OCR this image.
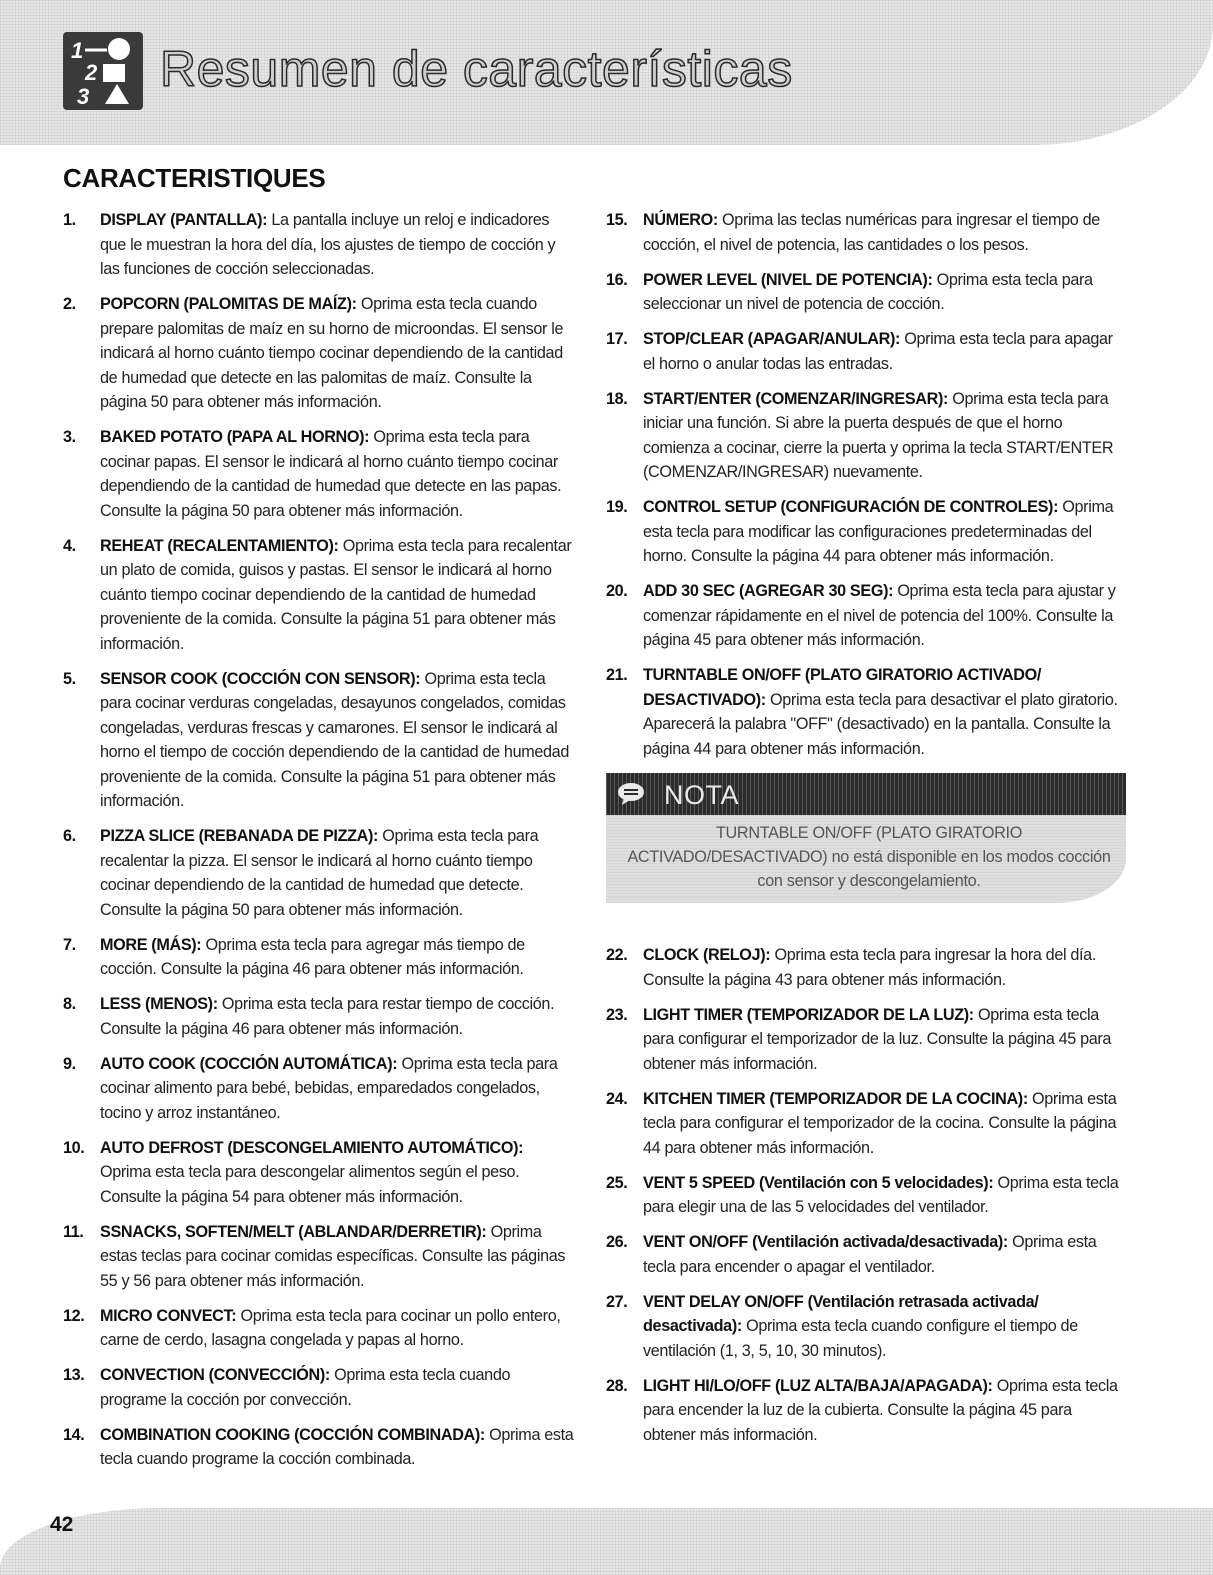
1
2
3 Resumen de características
CARACTERISTIQUES
1. DISPLAY (PANTALLA): La pantalla incluye un reloj e indicadores que le muestran la hora del día, los ajustes de tiempo de cocción y las funciones de cocción seleccionadas.
2. POPCORN (PALOMITAS DE MAÍZ): Oprima esta tecla cuando prepare palomitas de maíz en su horno de microondas. El sensor le indicará al horno cuánto tiempo cocinar dependiendo de la cantidad de humedad que detecte en las palomitas de maíz. Consulte la página 50 para obtener más información.
3. BAKED POTATO (PAPA AL HORNO): Oprima esta tecla para cocinar papas. El sensor le indicará al horno cuánto tiempo cocinar dependiendo de la cantidad de humedad que detecte en las papas. Consulte la página 50 para obtener más información.
4. REHEAT (RECALENTAMIENTO): Oprima esta tecla para recalentar un plato de comida, guisos y pastas. El sensor le indicará al horno cuánto tiempo cocinar dependiendo de la cantidad de humedad proveniente de la comida. Consulte la página 51 para obtener más información.
5. SENSOR COOK (COCCIÓN CON SENSOR): Oprima esta tecla para cocinar verduras congeladas, desayunos congelados, comidas congeladas, verduras frescas y camarones. El sensor le indicará al horno el tiempo de cocción dependiendo de la cantidad de humedad proveniente de la comida. Consulte la página 51 para obtener más información.
6. PIZZA SLICE (REBANADA DE PIZZA): Oprima esta tecla para recalentar la pizza. El sensor le indicará al horno cuánto tiempo cocinar dependiendo de la cantidad de humedad que detecte. Consulte la página 50 para obtener más información.
7. MORE (MÁS): Oprima esta tecla para agregar más tiempo de cocción. Consulte la página 46 para obtener más información.
8. LESS (MENOS): Oprima esta tecla para restar tiempo de cocción. Consulte la página 46 para obtener más información.
9. AUTO COOK (COCCIÓN AUTOMÁTICA): Oprima esta tecla para cocinar alimento para bebé, bebidas, emparedados congelados, tocino y arroz instantáneo.
10. AUTO DEFROST (DESCONGELAMIENTO AUTOMÁTICO): Oprima esta tecla para descongelar alimentos según el peso. Consulte la página 54 para obtener más información.
11. SSNACKS, SOFTEN/MELT (ABLANDAR/DERRETIR): Oprima estas teclas para cocinar comidas específicas. Consulte las páginas 55 y 56 para obtener más información.
12. MICRO CONVECT: Oprima esta tecla para cocinar un pollo entero, carne de cerdo, lasagna congelada y papas al horno.
13. CONVECTION (CONVECCIÓN): Oprima esta tecla cuando programe la cocción por convección.
14. COMBINATION COOKING (COCCIÓN COMBINADA): Oprima esta tecla cuando programe la cocción combinada.
15. NÚMERO: Oprima las teclas numéricas para ingresar el tiempo de cocción, el nivel de potencia, las cantidades o los pesos.
16. POWER LEVEL (NIVEL DE POTENCIA): Oprima esta tecla para seleccionar un nivel de potencia de cocción.
17. STOP/CLEAR (APAGAR/ANULAR): Oprima esta tecla para apagar el horno o anular todas las entradas.
18. START/ENTER (COMENZAR/INGRESAR): Oprima esta tecla para iniciar una función. Si abre la puerta después de que el horno comienza a cocinar, cierre la puerta y oprima la tecla START/ENTER (COMENZAR/INGRESAR) nuevamente.
19. CONTROL SETUP (CONFIGURACIÓN DE CONTROLES): Oprima esta tecla para modificar las configuraciones predeterminadas del horno. Consulte la página 44 para obtener más información.
20. ADD 30 SEC (AGREGAR 30 SEG): Oprima esta tecla para ajustar y comenzar rápidamente en el nivel de potencia del 100%. Consulte la página 45 para obtener más información.
21. TURNTABLE ON/OFF (PLATO GIRATORIO ACTIVADO/ DESACTIVADO): Oprima esta tecla para desactivar el plato giratorio. Aparecerá la palabra "OFF" (desactivado) en la pantalla. Consulte la página 44 para obtener más información.
NOTA
TURNTABLE ON/OFF (PLATO GIRATORIO ACTIVADO/DESACTIVADO) no está disponible en los modos cocción con sensor y descongelamiento.
22. CLOCK (RELOJ): Oprima esta tecla para ingresar la hora del día. Consulte la página 43 para obtener más información.
23. LIGHT TIMER (TEMPORIZADOR DE LA LUZ): Oprima esta tecla para configurar el temporizador de la luz. Consulte la página 45 para obtener más información.
24. KITCHEN TIMER (TEMPORIZADOR DE LA COCINA): Oprima esta tecla para configurar el temporizador de la cocina. Consulte la página 44 para obtener más información.
25. VENT 5 SPEED (Ventilación con 5 velocidades): Oprima esta tecla para elegir una de las 5 velocidades del ventilador.
26. VENT ON/OFF (Ventilación activada/desactivada): Oprima esta tecla para encender o apagar el ventilador.
27. VENT DELAY ON/OFF (Ventilación retrasada activada/ desactivada): Oprima esta tecla cuando configure el tiempo de ventilación (1, 3, 5, 10, 30 minutos).
28. LIGHT HI/LO/OFF (LUZ ALTA/BAJA/APAGADA): Oprima esta tecla para encender la luz de la cubierta. Consulte la página 45 para obtener más información.
42
